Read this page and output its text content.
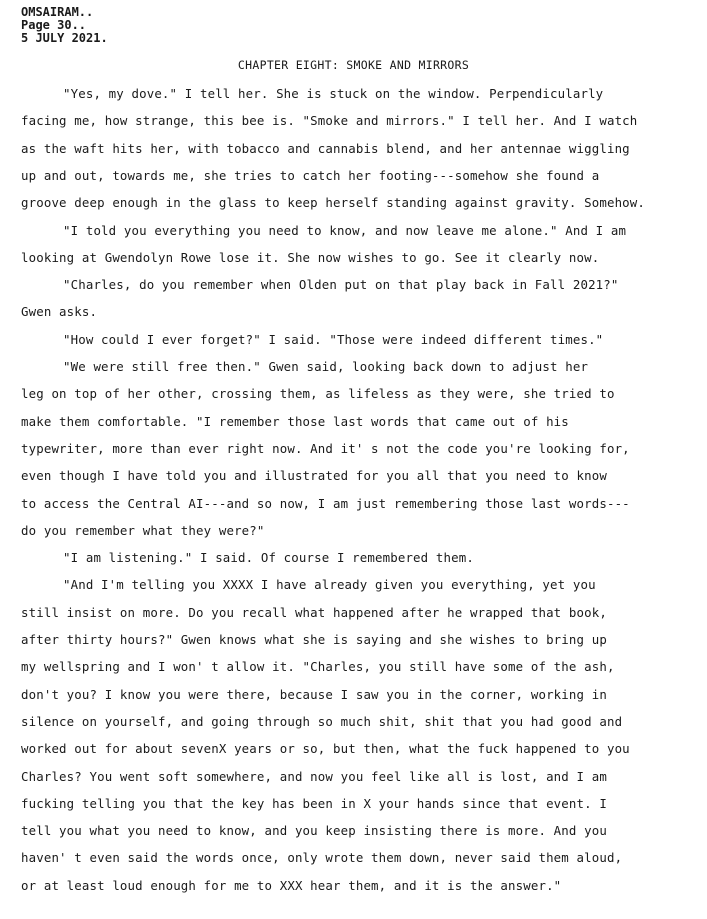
OMSAIRAM..
Page 30..
5 JULY 2021.
CHAPTER EIGHT: SMOKE AND MIRRORS
"Yes, my dove." I tell her. She is stuck on the window. Perpendicularly
facing me, how strange, this bee is. "Smoke and mirrors." I tell her. And I watch
as the waft hits her, with tobacco and cannabis blend, and her antennae wiggling
up and out, towards me, she tries to catch her footing---somehow she found a
groove deep enough in the glass to keep herself standing against gravity. Somehow.
"I told you everything you need to know, and now leave me alone." And I am
looking at Gwendolyn Rowe lose it. She now wishes to go. See it clearly now.
"Charles, do you remember when Olden put on that play back in Fall 2021?"
Gwen asks.
"How could I ever forget?" I said. "Those were indeed different times."
"We were still free then." Gwen said, looking back down to adjust her
leg on top of her other, crossing them, as lifeless as they were, she tried to
make them comfortable. "I remember those last words that came out of his
typewriter, more than ever right now. And it' s not the code you're looking for,
even though I have told you and illustrated for you all that you need to know
to access the Central AI---and so now, I am just remembering those last words---
do you remember what they were?"
"I am listening." I said. Of course I remembered them.
"And I'm telling you XXXX I have already given you everything, yet you
still insist on more. Do you recall what happened after he wrapped that book,
after thirty hours?" Gwen knows what she is saying and she wishes to bring up
my wellspring and I won' t allow it. "Charles, you still have some of the ash,
don't you? I know you were there, because I saw you in the corner, working in
silence on yourself, and going through so much shit, shit that you had good and
worked out for about sevenX years or so, but then, what the fuck happened to you
Charles? You went soft somewhere, and now you feel like all is lost, and I am
fucking telling you that the key has been in X your hands since that event. I
tell you what you need to know, and you keep insisting there is more. And you
haven' t even said the words once, only wrote them down, never said them aloud,
or at least loud enough for me to XXX hear them, and it is the answer."
